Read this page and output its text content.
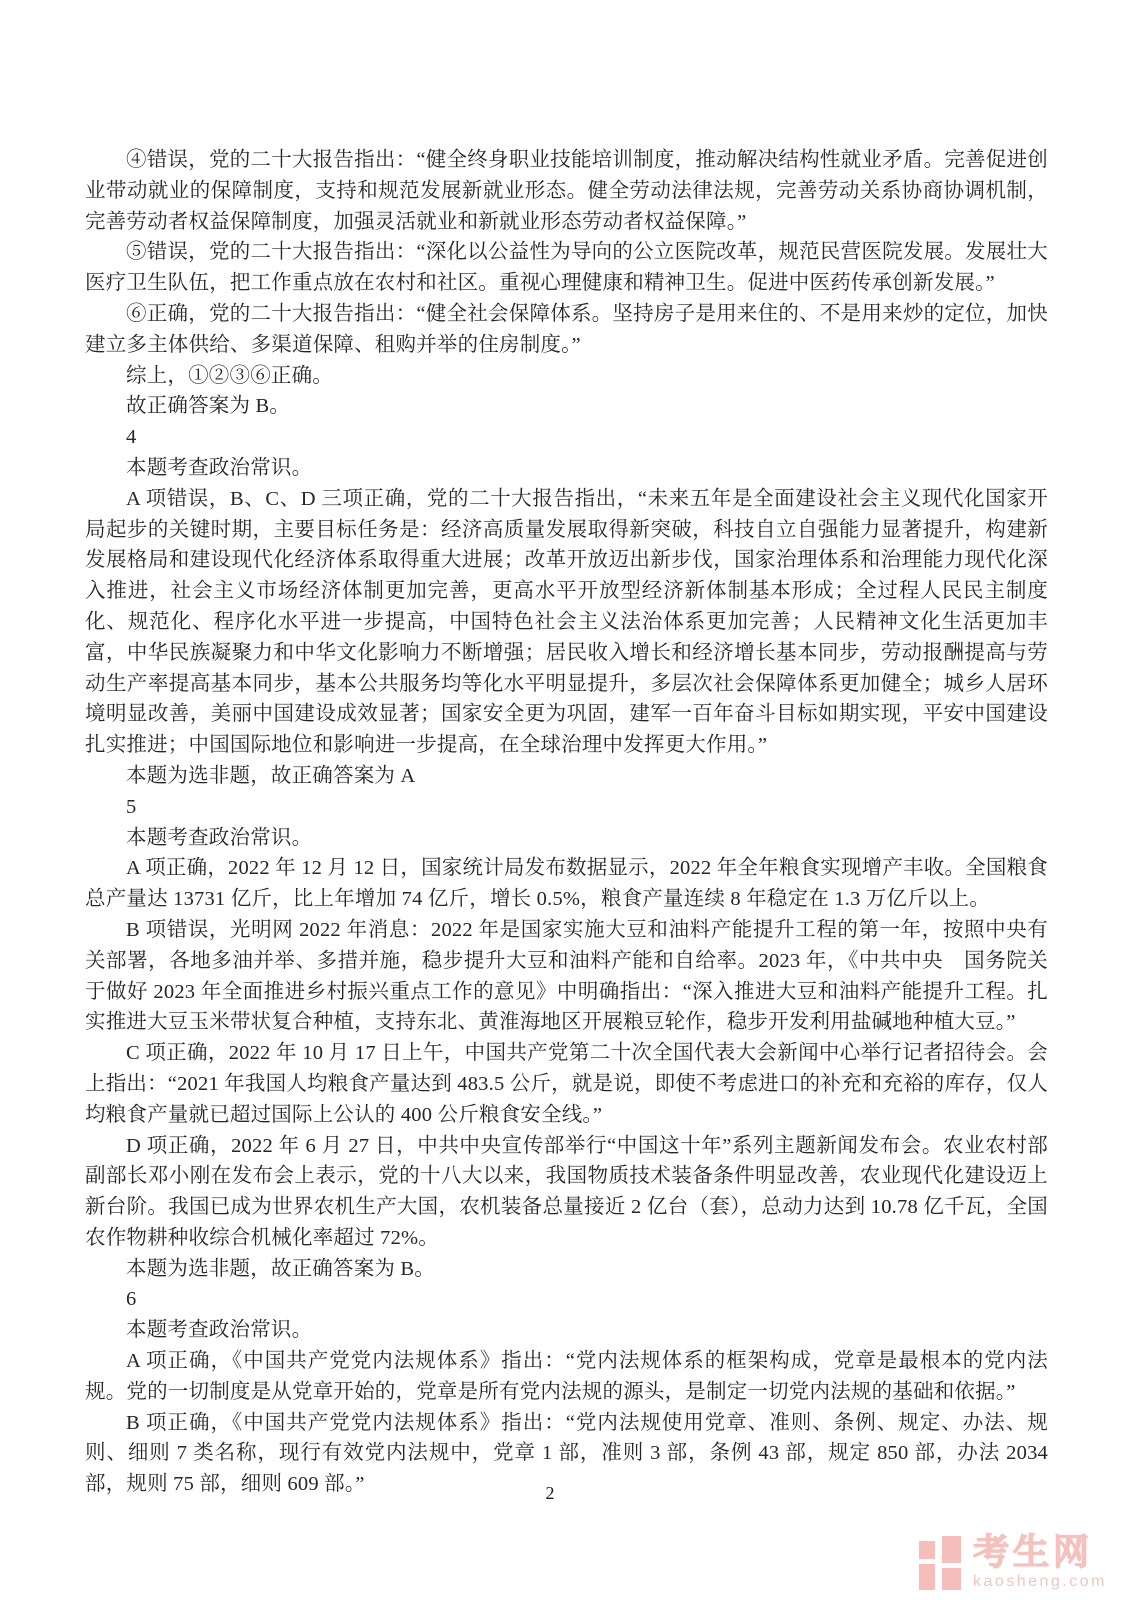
④错误，党的二十大报告指出：“健全终身职业技能培训制度，推动解决结构性就业矛盾。完善促进创业带动就业的保障制度，支持和规范发展新就业形态。健全劳动法律法规，完善劳动关系协商协调机制，完善劳动者权益保障制度，加强灵活就业和新就业形态劳动者权益保障。”

⑤错误，党的二十大报告指出：“深化以公益性为导向的公立医院改革，规范民营医院发展。发展壮大医疗卫生队伍，把工作重点放在农村和社区。重视心理健康和精神卫生。促进中医药传承创新发展。”

⑥正确，党的二十大报告指出：“健全社会保障体系。坚持房子是用来住的、不是用来炒的定位，加快建立多主体供给、多渠道保障、租购并举的住房制度。”

综上，①②③⑥正确。

故正确答案为 B。

4

本题考查政治常识。

A 项错误，B、C、D 三项正确，党的二十大报告指出，“未来五年是全面建设社会主义现代化国家开局起步的关键时期，主要目标任务是：经济高质量发展取得新突破，科技自立自强能力显著提升，构建新发展格局和建设现代化经济体系取得重大进展；改革开放迈出新步伐，国家治理体系和治理能力现代化深入推进，社会主义市场经济体制更加完善，更高水平开放型经济新体制基本形成；全过程人民民主制度化、规范化、程序化水平进一步提高，中国特色社会主义法治体系更加完善；人民精神文化生活更加丰富，中华民族凝聚力和中华文化影响力不断增强；居民收入增长和经济增长基本同步，劳动报酬提高与劳动生产率提高基本同步，基本公共服务均等化水平明显提升，多层次社会保障体系更加健全；城乡人居环境明显改善，美丽中国建设成效显著；国家安全更为巩固，建军一百年奋斗目标如期实现，平安中国建设扎实推进；中国国际地位和影响进一步提高，在全球治理中发挥更大作用。”

本题为选非题，故正确答案为 A

5

本题考查政治常识。

A 项正确，2022 年 12 月 12 日，国家统计局发布数据显示，2022 年全年粮食实现增产丰收。全国粮食总产量达 13731 亿斤，比上年增加 74 亿斤，增长 0.5%，粮食产量连续 8 年稳定在 1.3 万亿斤以上。

B 项错误，光明网 2022 年消息：2022 年是国家实施大豆和油料产能提升工程的第一年，按照中央有关部署，各地多油并举、多措并施，稳步提升大豆和油料产能和自给率。2023 年，《中共中央　国务院关于做好 2023 年全面推进乡村振兴重点工作的意见》中明确指出：“深入推进大豆和油料产能提升工程。扎实推进大豆玉米带状复合种植，支持东北、黄淮海地区开展粮豆轮作，稳步开发利用盐碱地种植大豆。”

C 项正确，2022 年 10 月 17 日上午，中国共产党第二十次全国代表大会新闻中心举行记者招待会。会上指出：“2021 年我国人均粮食产量达到 483.5 公斤，就是说，即使不考虑进口的补充和充裕的库存，仅人均粮食产量就已超过国际上公认的 400 公斤粮食安全线。”

D 项正确，2022 年 6 月 27 日，中共中央宣传部举行“中国这十年”系列主题新闻发布会。农业农村部副部长邓小刚在发布会上表示，党的十八大以来，我国物质技术装备条件明显改善，农业现代化建设迈上新台阶。我国已成为世界农机生产大国，农机装备总量接近 2 亿台（套），总动力达到 10.78 亿千瓦，全国农作物耕种收综合机械化率超过 72%。

本题为选非题，故正确答案为 B。

6

本题考查政治常识。

A 项正确，《中国共产党党内法规体系》指出：“党内法规体系的框架构成，党章是最根本的党内法规。党的一切制度是从党章开始的，党章是所有党内法规的源头，是制定一切党内法规的基础和依据。”

B 项正确，《中国共产党党内法规体系》指出：“党内法规使用党章、准则、条例、规定、办法、规则、细则 7 类名称，现行有效党内法规中，党章 1 部，准则 3 部，条例 43 部，规定 850 部，办法 2034 部，规则 75 部，细则 609 部。”	2
考生网
kaosheng.com
